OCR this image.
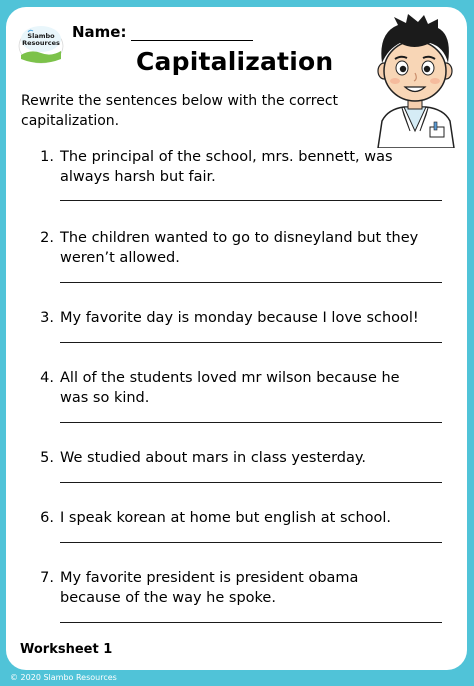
Slambo
Resources
Name:
Capitalization
Rewrite the sentences below with the correct capitalization.
1. The principal of the school, mrs. bennett, was
always harsh but fair.
2. The children wanted to go to disneyland but they
weren’t allowed.
3. My favorite day is monday because I love school!
4. All of the students loved mr wilson because he
was so kind.
5. We studied about mars in class yesterday.
6. I speak korean at home but english at school.
7. My favorite president is president obama
because of the way he spoke.
Worksheet 1
© 2020 Slambo Resources
